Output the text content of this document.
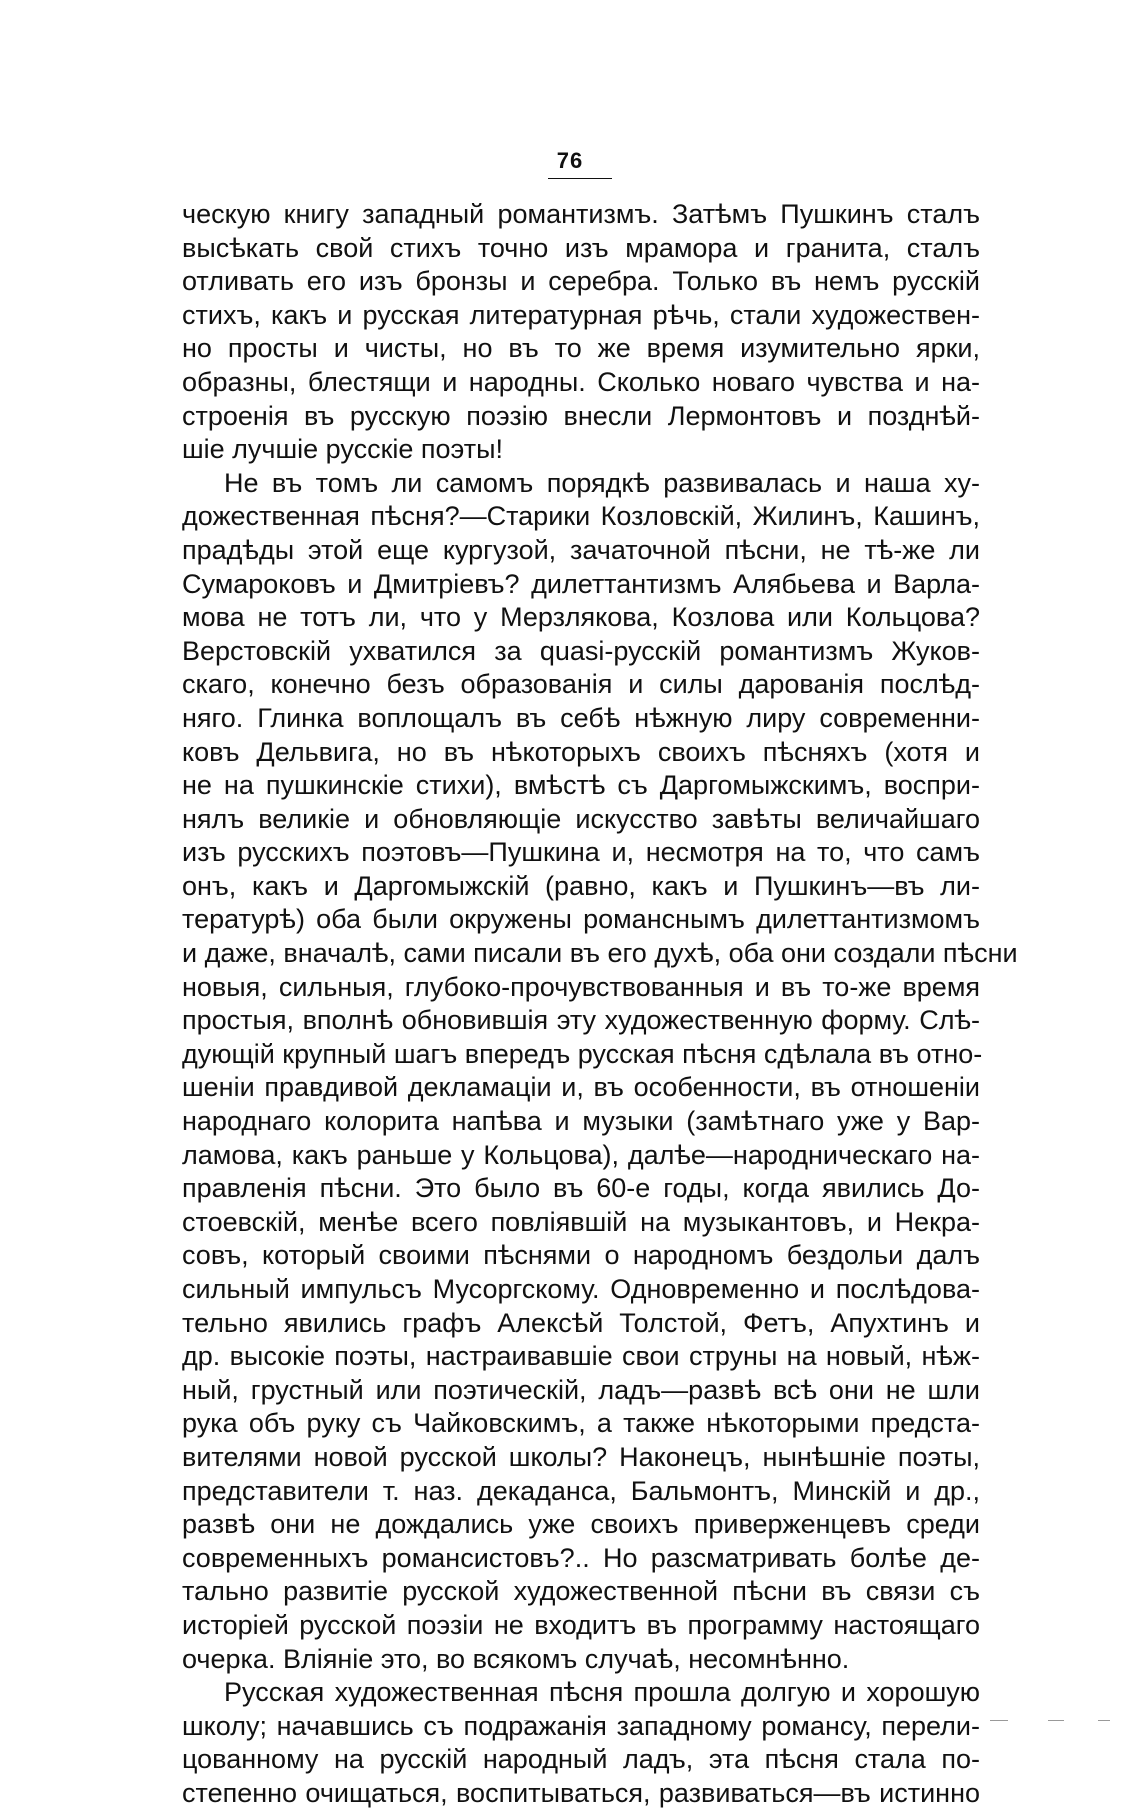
76
ческую книгу западный романтизмъ. Затѣмъ Пушкинъ сталъ
высѣкать свой стихъ точно изъ мрамора и гранита, сталъ
отливать его изъ бронзы и серебра. Только въ немъ русскій
стихъ, какъ и русская литературная рѣчь, стали художествен-
но просты и чисты, но въ то же время изумительно ярки,
образны, блестящи и народны. Сколько новаго чувства и на-
строенія въ русскую поэзію внесли Лермонтовъ и позднѣй-
шіе лучшіе русскіе поэты!
Не въ томъ ли самомъ порядкѣ развивалась и наша ху-
дожественная пѣсня?—Старики Козловскій, Жилинъ, Кашинъ,
прадѣды этой еще кургузой, зачаточной пѣсни, не тѣ-же ли
Сумароковъ и Дмитріевъ? дилеттантизмъ Алябьева и Варла-
мова не тотъ ли, что у Мерзлякова, Козлова или Кольцова?
Верстовскій ухватился за quasi-русскій романтизмъ Жуков-
скаго, конечно безъ образованія и силы дарованія послѣд-
няго. Глинка воплощалъ въ себѣ нѣжную лиру современни-
ковъ Дельвига, но въ нѣкоторыхъ своихъ пѣсняхъ (хотя и
не на пушкинскіе стихи), вмѣстѣ съ Даргомыжскимъ, воспри-
нялъ великіе и обновляющіе искусство завѣты величайшаго
изъ русскихъ поэтовъ—Пушкина и, несмотря на то, что самъ
онъ, какъ и Даргомыжскій (равно, какъ и Пушкинъ—въ ли-
тературѣ) оба были окружены романснымъ дилеттантизмомъ
и даже, вначалѣ, сами писали въ его духѣ, оба они создали пѣсни
новыя, сильныя, глубоко-прочувствованныя и въ то-же время
простыя, вполнѣ обновившія эту художественную форму. Слѣ-
дующій крупный шагъ впередъ русская пѣсня сдѣлала въ отно-
шеніи правдивой декламаціи и, въ особенности, въ отношеніи
народнаго колорита напѣва и музыки (замѣтнаго уже у Вар-
ламова, какъ раньше у Кольцова), далѣе—народническаго на-
правленія пѣсни. Это было въ 60-е годы, когда явились До-
стоевскій, менѣе всего повліявшій на музыкантовъ, и Некра-
совъ, который своими пѣснями о народномъ бездольи далъ
сильный импульсъ Мусоргскому. Одновременно и послѣдова-
тельно явились графъ Алексѣй Толстой, Фетъ, Апухтинъ и
др. высокіе поэты, настраивавшіе свои струны на новый, нѣж-
ный, грустный или поэтическій, ладъ—развѣ всѣ они не шли
рука объ руку съ Чайковскимъ, а также нѣкоторыми предста-
вителями новой русской школы? Наконецъ, нынѣшніе поэты,
представители т. наз. декаданса, Бальмонтъ, Минскій и др.,
развѣ они не дождались уже своихъ приверженцевъ среди
современныхъ романсистовъ?.. Но разсматривать болѣе де-
тально развитіе русской художественной пѣсни въ связи съ
исторіей русской поэзіи не входитъ въ программу настоящаго
очерка. Вліяніе это, во всякомъ случаѣ, несомнѣнно.
Русская художественная пѣсня прошла долгую и хорошую
школу; начавшись съ подражанія западному романсу, перели-
цованному на русскій народный ладъ, эта пѣсня стала по-
степенно очищаться, воспитываться, развиваться—въ истинно
